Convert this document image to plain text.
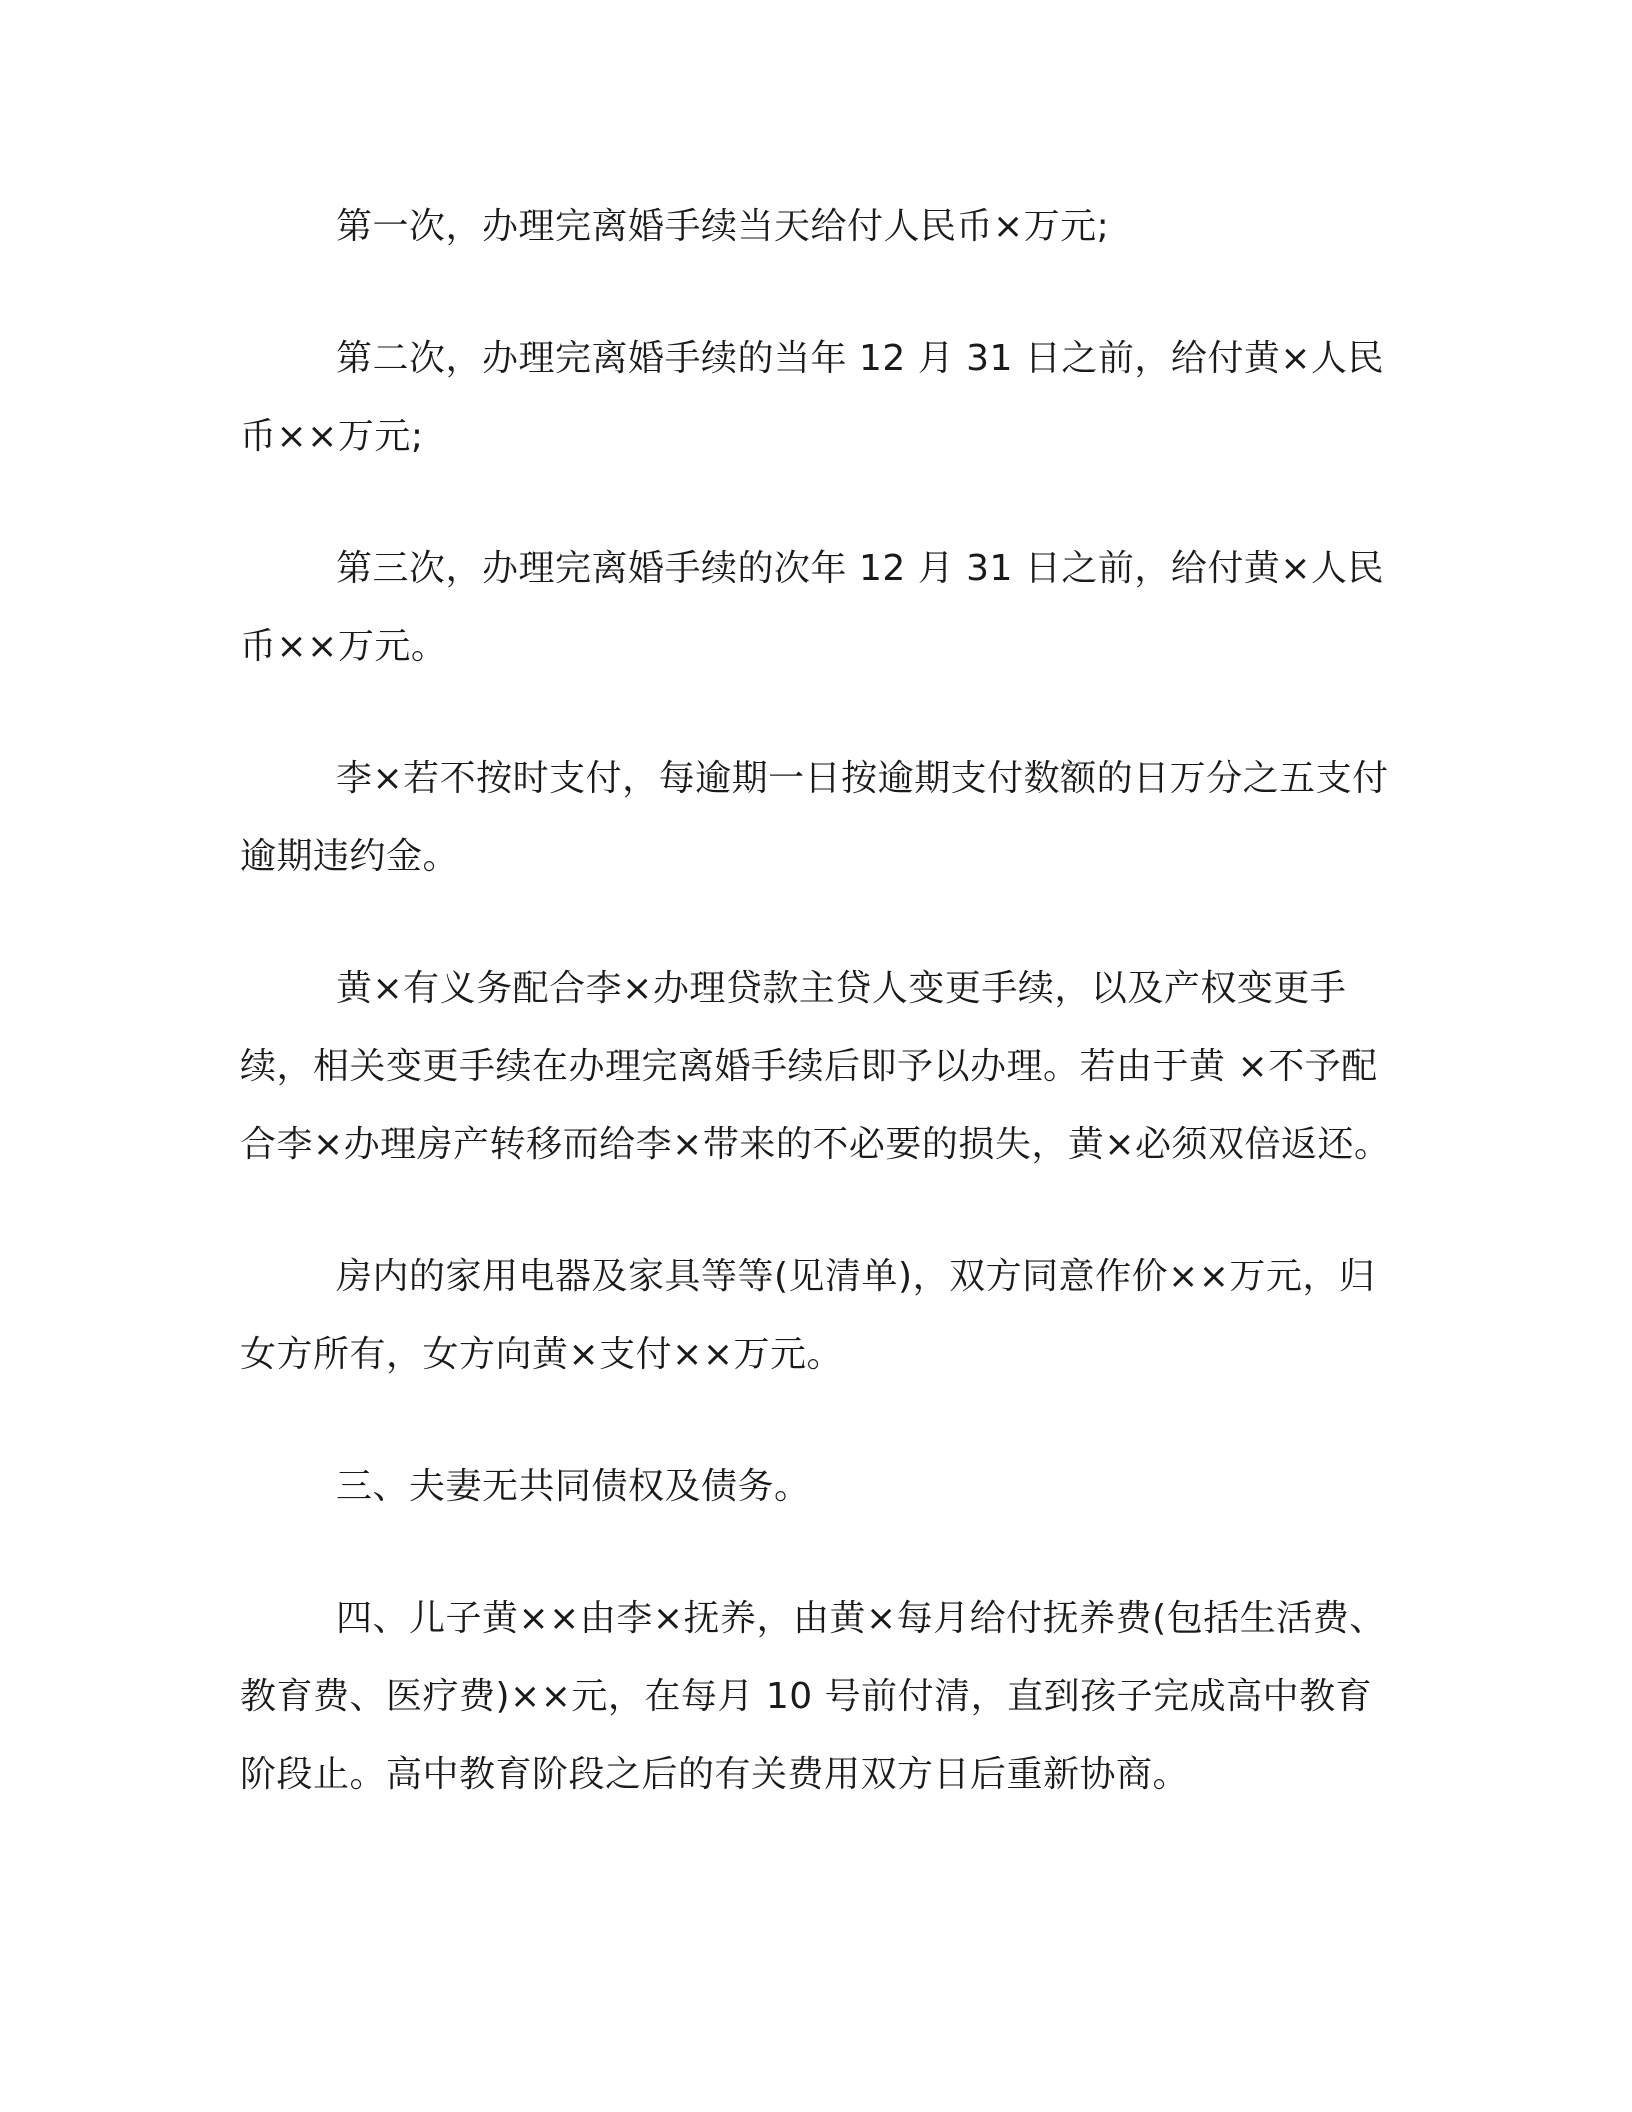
第一次，办理完离婚手续当天给付人民币×万元;

第二次，办理完离婚手续的当年 12 月 31 日之前，给付黄×人民币××万元;

第三次，办理完离婚手续的次年 12 月 31 日之前，给付黄×人民币××万元。

李×若不按时支付，每逾期一日按逾期支付数额的日万分之五支付逾期违约金。

黄×有义务配合李×办理贷款主贷人变更手续，以及产权变更手续，相关变更手续在办理完离婚手续后即予以办理。若由于黄 ×不予配合李×办理房产转移而给李×带来的不必要的损失，黄×必须双倍返还。

房内的家用电器及家具等等(见清单)，双方同意作价××万元，归女方所有，女方向黄×支付××万元。

三、夫妻无共同债权及债务。

四、儿子黄××由李×抚养，由黄×每月给付抚养费(包括生活费、教育费、医疗费)××元，在每月 10 号前付清，直到孩子完成高中教育阶段止。高中教育阶段之后的有关费用双方日后重新协商。
